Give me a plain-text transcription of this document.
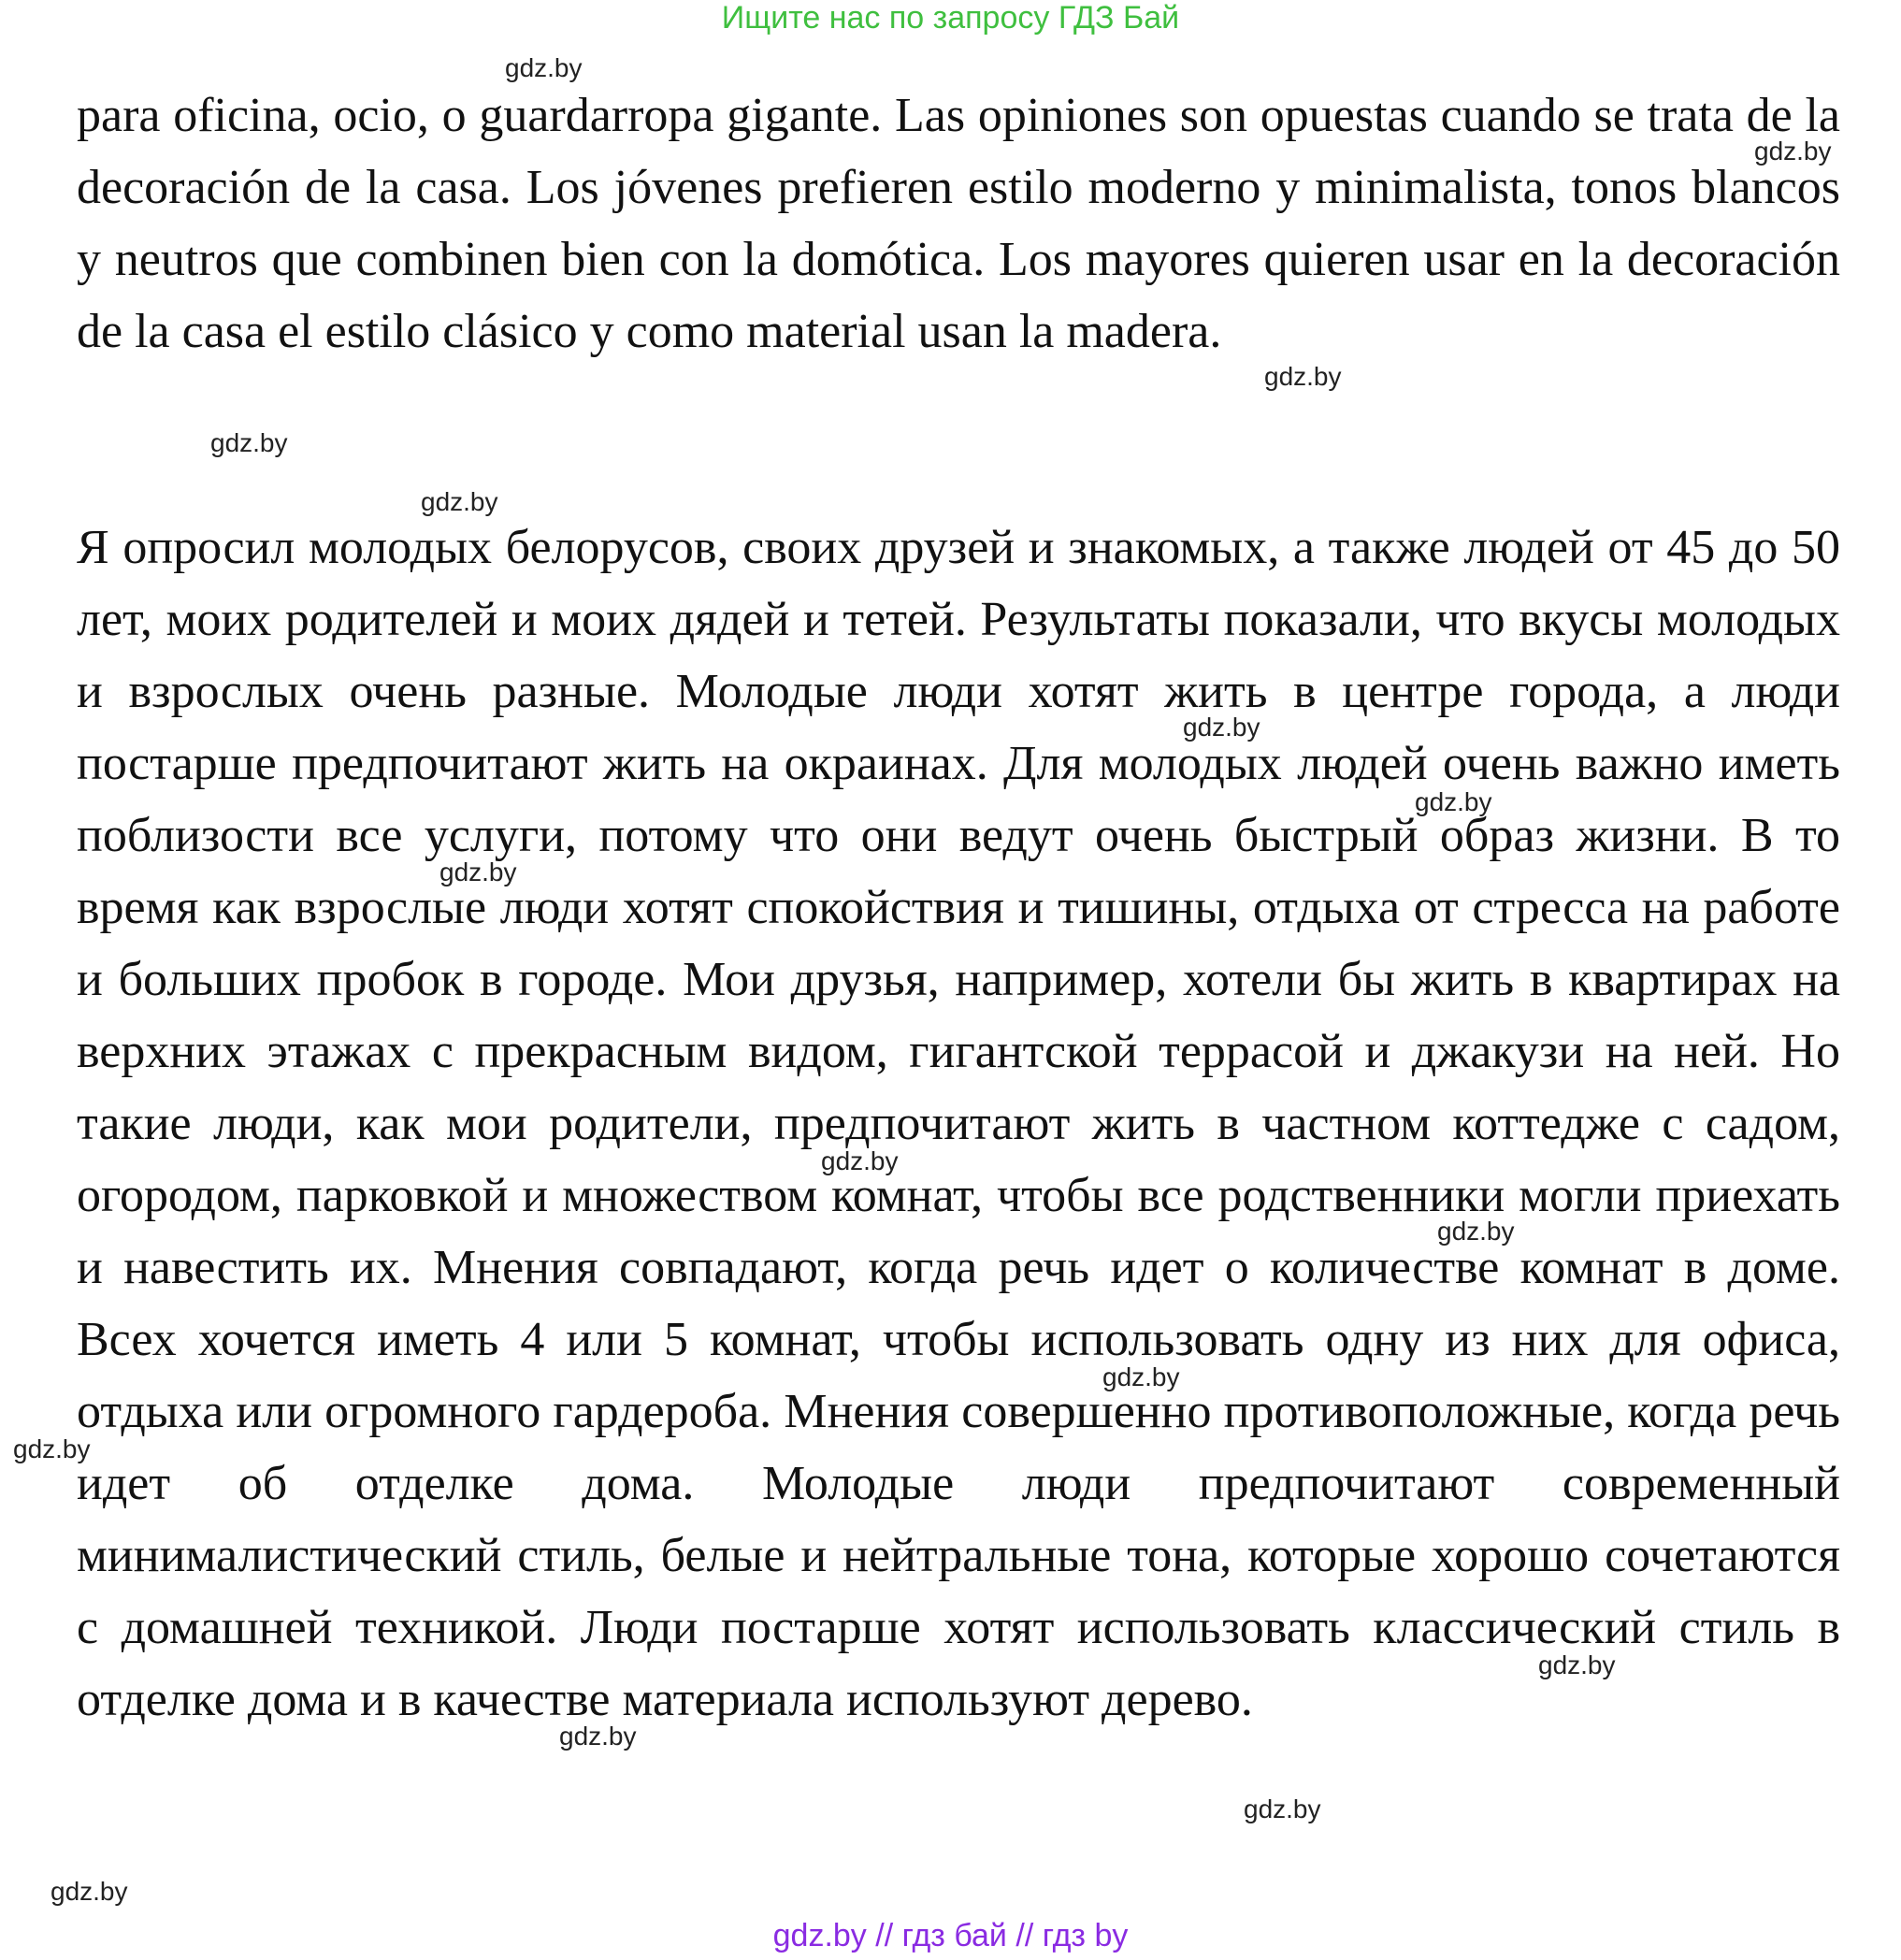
Ищите нас по запросу ГДЗ Бай

para oficina, ocio, o guardarropa gigante. Las opiniones son opuestas cuando se trata de la decoración de la casa. Los jóvenes prefieren estilo moderno y minimalista, tonos blancos y neutros que combinen bien con la domótica. Los mayores quieren usar en la decoración de la casa el estilo clásico y como material usan la madera.

Я опросил молодых белорусов, своих друзей и знакомых, а также людей от 45 до 50 лет, моих родителей и моих дядей и тетей. Результаты показали, что вкусы молодых и взрослых очень разные. Молодые люди хотят жить в центре города, а люди постарше предпочитают жить на окраинах. Для молодых людей очень важно иметь поблизости все услуги, потому что они ведут очень быстрый образ жизни. В то время как взрослые люди хотят спокойствия и тишины, отдыха от стресса на работе и больших пробок в городе. Мои друзья, например, хотели бы жить в квартирах на верхних этажах с прекрасным видом, гигантской террасой и джакузи на ней. Но такие люди, как мои родители, предпочитают жить в частном коттедже с садом, огородом, парковкой и множеством комнат, чтобы все родственники могли приехать и навестить их. Мнения совпадают, когда речь идет о количестве комнат в доме. Всех хочется иметь 4 или 5 комнат, чтобы использовать одну из них для офиса, отдыха или огромного гардероба. Мнения совершенно противоположные, когда речь идет об отделке дома. Молодые люди предпочитают современный минималистический стиль, белые и нейтральные тона, которые хорошо сочетаются с домашней техникой. Люди постарше хотят использовать классический стиль в отделке дома и в качестве материала используют дерево.

gdz.by
gdz.by
gdz.by
gdz.by
gdz.by
gdz.by
gdz.by
gdz.by
gdz.by
gdz.by
gdz.by
gdz.by
gdz.by
gdz.by
gdz.by
gdz.by
gdz.by // гдз бай // гдз by
